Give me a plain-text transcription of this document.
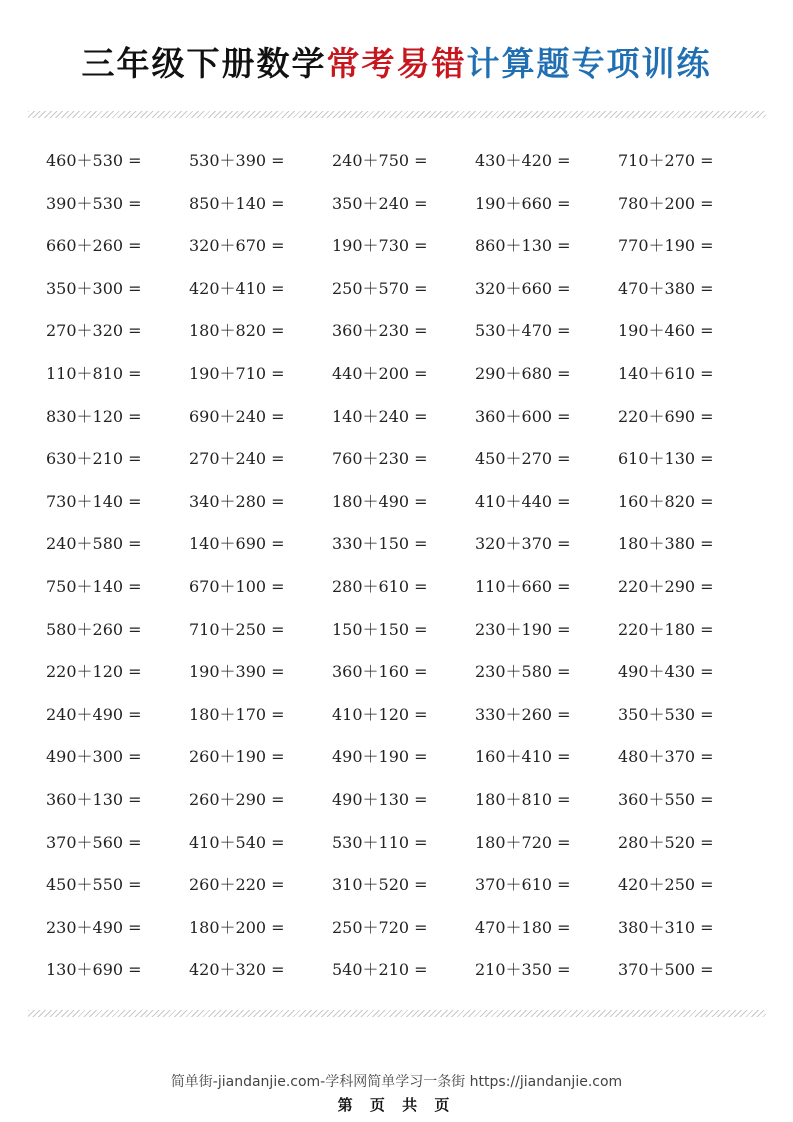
三年级下册数学常考易错计算题专项训练
460＋530 =	530＋390 =	240＋750 =	430＋420 =	710＋270 =
390＋530 =	850＋140 =	350＋240 =	190＋660 =	780＋200 =
660＋260 =	320＋670 =	190＋730 =	860＋130 =	770＋190 =
350＋300 =	420＋410 =	250＋570 =	320＋660 =	470＋380 =
270＋320 =	180＋820 =	360＋230 =	530＋470 =	190＋460 =
110＋810 =	190＋710 =	440＋200 =	290＋680 =	140＋610 =
830＋120 =	690＋240 =	140＋240 =	360＋600 =	220＋690 =
630＋210 =	270＋240 =	760＋230 =	450＋270 =	610＋130 =
730＋140 =	340＋280 =	180＋490 =	410＋440 =	160＋820 =
240＋580 =	140＋690 =	330＋150 =	320＋370 =	180＋380 =
750＋140 =	670＋100 =	280＋610 =	110＋660 =	220＋290 =
580＋260 =	710＋250 =	150＋150 =	230＋190 =	220＋180 =
220＋120 =	190＋390 =	360＋160 =	230＋580 =	490＋430 =
240＋490 =	180＋170 =	410＋120 =	330＋260 =	350＋530 =
490＋300 =	260＋190 =	490＋190 =	160＋410 =	480＋370 =
360＋130 =	260＋290 =	490＋130 =	180＋810 =	360＋550 =
370＋560 =	410＋540 =	530＋110 =	180＋720 =	280＋520 =
450＋550 =	260＋220 =	310＋520 =	370＋610 =	420＋250 =
230＋490 =	180＋200 =	250＋720 =	470＋180 =	380＋310 =
130＋690 =	420＋320 =	540＋210 =	210＋350 =	370＋500 =
简单街-jiandanjie.com-学科网简单学习一条街 https://jiandanjie.com
第 页 共 页
